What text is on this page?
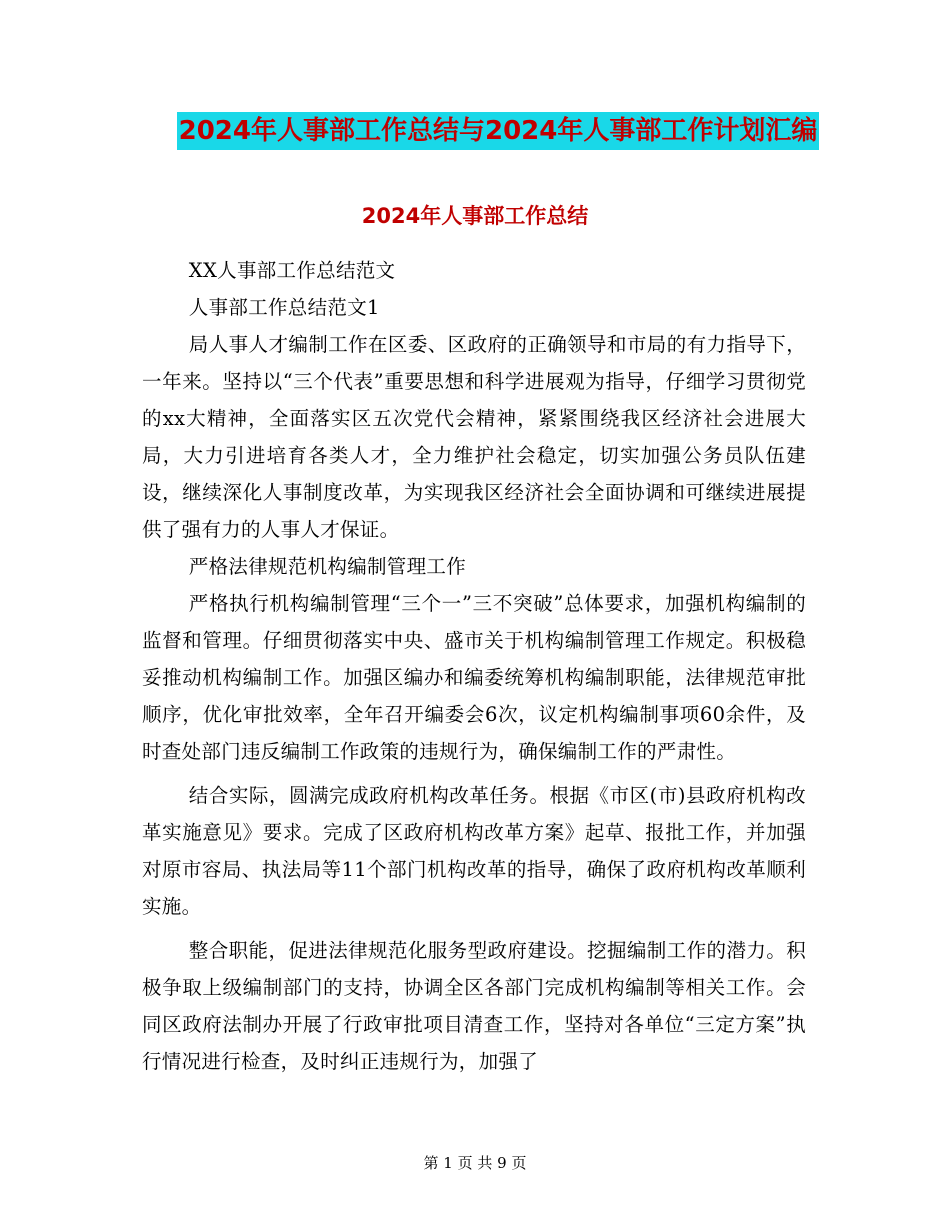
2024年人事部工作总结与2024年人事部工作计划汇编
2024年人事部工作总结

XX人事部工作总结范文

人事部工作总结范文1

局人事人才编制工作在区委、区政府的正确领导和市局的有力指导下，一年来。坚持以“三个代表”重要思想和科学进展观为指导，仔细学习贯彻党的xx大精神，全面落实区五次党代会精神，紧紧围绕我区经济社会进展大局，大力引进培育各类人才，全力维护社会稳定，切实加强公务员队伍建设，继续深化人事制度改革，为实现我区经济社会全面协调和可继续进展提供了强有力的人事人才保证。

严格法律规范机构编制管理工作

严格执行机构编制管理“三个一”三不突破”总体要求，加强机构编制的监督和管理。仔细贯彻落实中央、盛市关于机构编制管理工作规定。积极稳妥推动机构编制工作。加强区编办和编委统筹机构编制职能，法律规范审批顺序，优化审批效率，全年召开编委会6次，议定机构编制事项60余件，及时查处部门违反编制工作政策的违规行为，确保编制工作的严肃性。

结合实际，圆满完成政府机构改革任务。根据《市区(市)县政府机构改革实施意见》要求。完成了区政府机构改革方案》起草、报批工作，并加强对原市容局、执法局等11个部门机构改革的指导，确保了政府机构改革顺利实施。

整合职能，促进法律规范化服务型政府建设。挖掘编制工作的潜力。积极争取上级编制部门的支持，协调全区各部门完成机构编制等相关工作。会同区政府法制办开展了行政审批项目清查工作，坚持对各单位“三定方案”执行情况进行检查，及时纠正违规行为，加强了

第 1 页 共 9 页
